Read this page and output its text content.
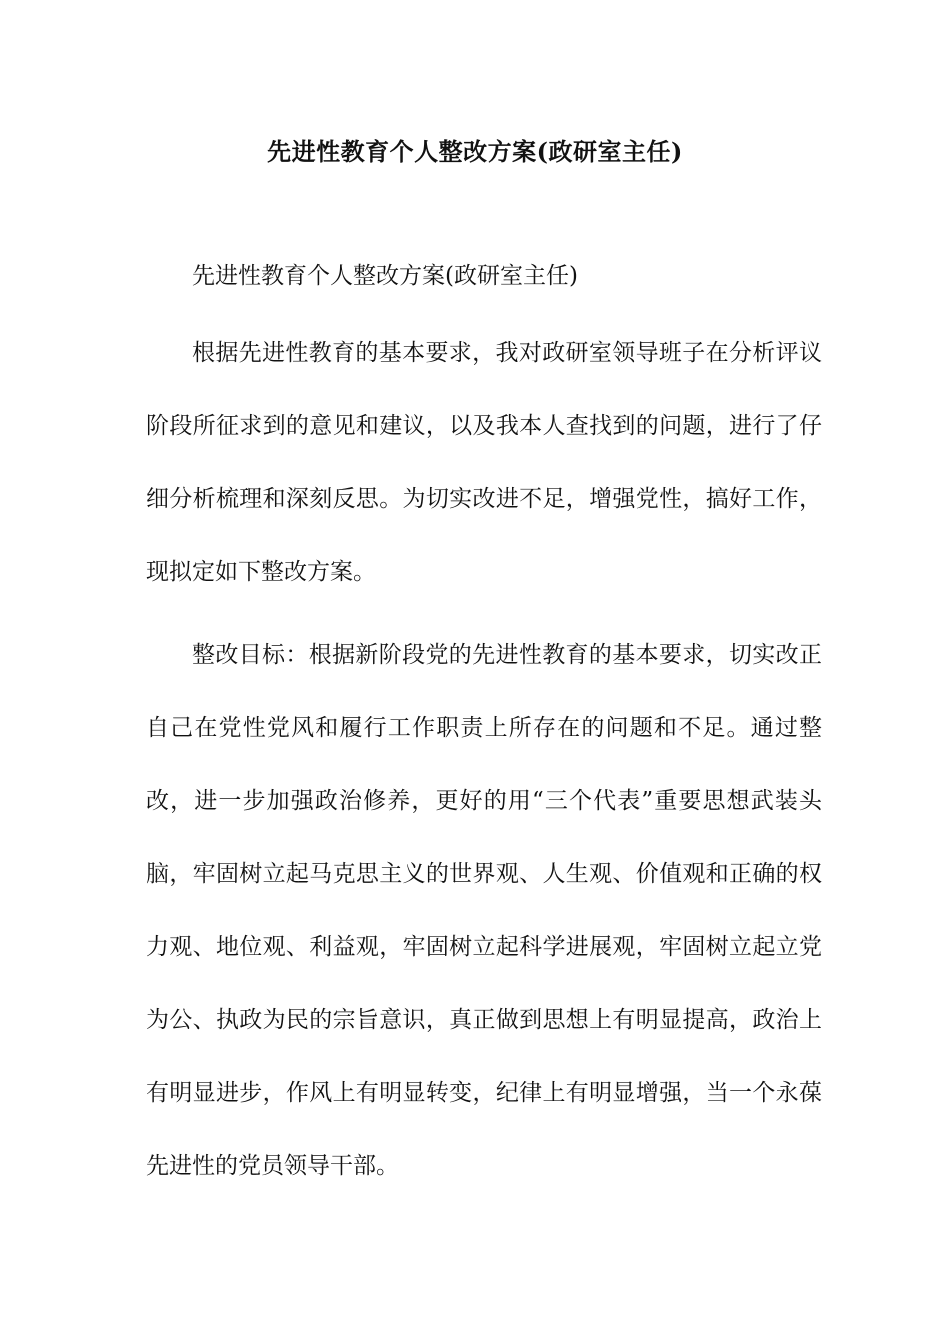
先进性教育个人整改方案(政研室主任)
先进性教育个人整改方案(政研室主任)
根据先进性教育的基本要求，我对政研室领导班子在分析评议阶段所征求到的意见和建议，以及我本人查找到的问题，进行了仔细分析梳理和深刻反思。为切实改进不足，增强党性，搞好工作，现拟定如下整改方案。
整改目标：根据新阶段党的先进性教育的基本要求，切实改正自己在党性党风和履行工作职责上所存在的问题和不足。通过整改，进一步加强政治修养，更好的用“三个代表”重要思想武装头脑，牢固树立起马克思主义的世界观、人生观、价值观和正确的权力观、地位观、利益观，牢固树立起科学进展观，牢固树立起立党为公、执政为民的宗旨意识，真正做到思想上有明显提高，政治上有明显进步，作风上有明显转变，纪律上有明显增强，当一个永葆先进性的党员领导干部。
